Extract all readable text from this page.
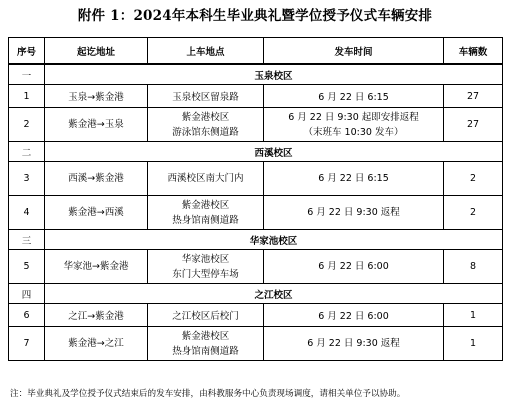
附件 1：2024年本科生毕业典礼暨学位授予仪式车辆安排
序号	起讫地址	上车地点	发车时间	车辆数
一	玉泉校区			
1	玉泉→紫金港	玉泉校区留泉路	6 月 22 日 6:15	27
2	紫金港→玉泉	紫金港校区
游泳馆东侧道路	6 月 22 日 9:30 起即安排返程
（末班车 10:30 发车）	27
二	西溪校区			
3	西溪→紫金港	西溪校区南大门内	6 月 22 日 6:15	2
4	紫金港→西溪	紫金港校区
热身馆南侧道路	6 月 22 日 9:30 返程	2
三	华家池校区			
5	华家池→紫金港	华家池校区
东门大型停车场	6 月 22 日 6:00	8
四	之江校区			
6	之江→紫金港	之江校区后校门	6 月 22 日 6:00	1
7	紫金港→之江	紫金港校区
热身馆南侧道路	6 月 22 日 9:30 返程	1
注：毕业典礼及学位授予仪式结束后的发车安排，由科教服务中心负责现场调度，请相关单位予以协助。
